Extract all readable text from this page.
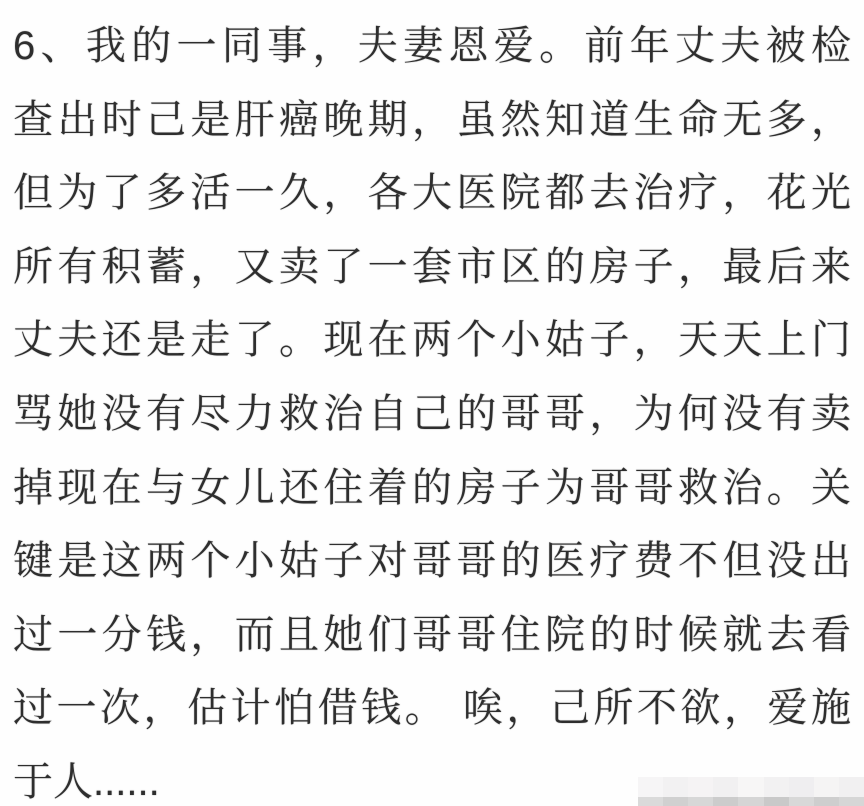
6、我的一同事，夫妻恩爱。前年丈夫被检
查出时己是肝癌晚期，虽然知道生命无多，
但为了多活一久，各大医院都去治疗，花光
所有积蓄，又卖了一套市区的房子，最后来
丈夫还是走了。现在两个小姑子，天天上门
骂她没有尽力救治自己的哥哥，为何没有卖
掉现在与女儿还住着的房子为哥哥救治。关
键是这两个小姑子对哥哥的医疗费不但没出
过一分钱，而且她们哥哥住院的时候就去看
过一次，估计怕借钱。 唉，己所不欲，爱施
于人......
